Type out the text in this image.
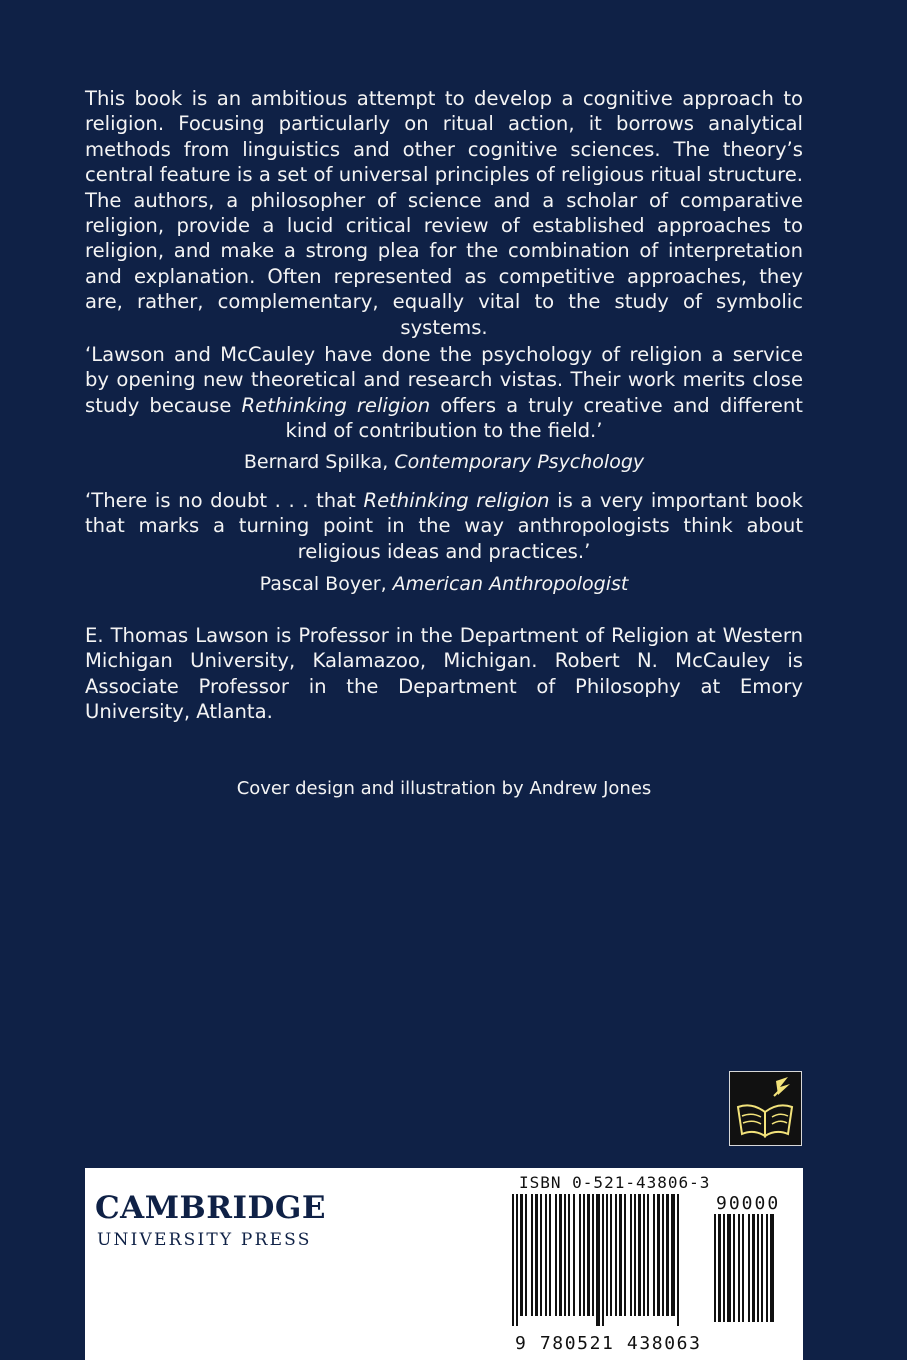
This book is an ambitious attempt to develop a cognitive approach to religion. Focusing particularly on ritual action, it borrows analytical methods from linguistics and other cognitive sciences. The theory’s central feature is a set of universal principles of religious ritual structure. The authors, a philosopher of science and a scholar of comparative religion, provide a lucid critical review of established approaches to religion, and make a strong plea for the combination of interpretation and explanation. Often represented as competitive approaches, they are, rather, complementary, equally vital to the study of symbolic systems.
‘Lawson and McCauley have done the psychology of religion a service by opening new theoretical and research vistas. Their work merits close study because Rethinking religion offers a truly creative and different kind of contribution to the field.’
Bernard Spilka, Contemporary Psychology
‘There is no doubt . . . that Rethinking religion is a very important book that marks a turning point in the way anthropologists think about religious ideas and practices.’
Pascal Boyer, American Anthropologist
E. Thomas Lawson is Professor in the Department of Religion at Western Michigan University, Kalamazoo, Michigan. Robert N. McCauley is Associate Professor in the Department of Philosophy at Emory University, Atlanta.
Cover design and illustration by Andrew Jones
CAMBRIDGE
UNIVERSITY PRESS
ISBN 0-521-43806-3
90000
9 780521 438063
